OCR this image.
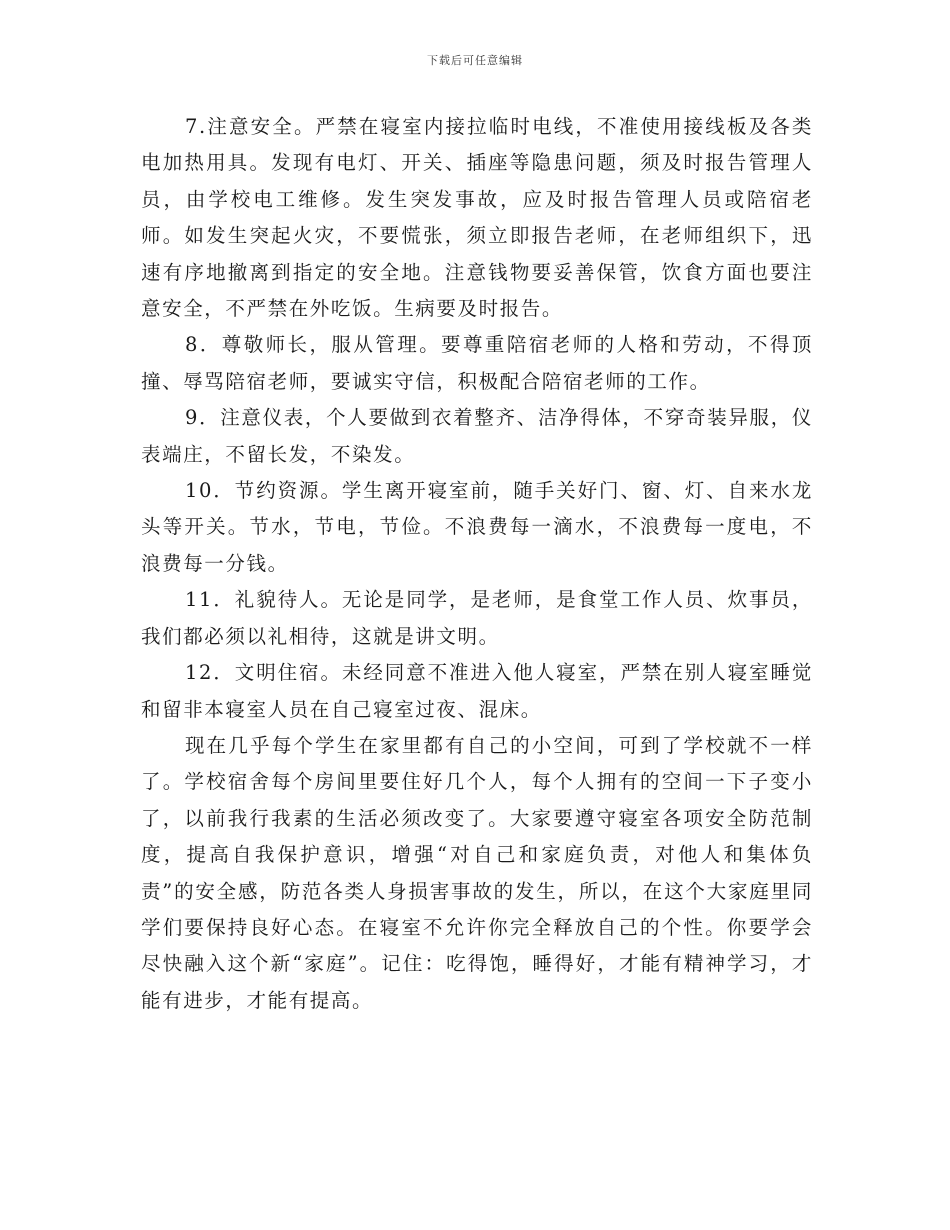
下载后可任意编辑

7.注意安全。严禁在寝室内接拉临时电线，不准使用接线板及各类电加热用具。发现有电灯、开关、插座等隐患问题，须及时报告管理人员，由学校电工维修。发生突发事故，应及时报告管理人员或陪宿老师。如发生突起火灾，不要慌张，须立即报告老师，在老师组织下，迅速有序地撤离到指定的安全地。注意钱物要妥善保管，饮食方面也要注意安全，不严禁在外吃饭。生病要及时报告。

8．尊敬师长，服从管理。要尊重陪宿老师的人格和劳动，不得顶撞、辱骂陪宿老师，要诚实守信，积极配合陪宿老师的工作。

9．注意仪表，个人要做到衣着整齐、洁净得体，不穿奇装异服，仪表端庄，不留长发，不染发。

10．节约资源。学生离开寝室前，随手关好门、窗、灯、自来水龙头等开关。节水，节电，节俭。不浪费每一滴水，不浪费每一度电，不浪费每一分钱。

11．礼貌待人。无论是同学，是老师，是食堂工作人员、炊事员，我们都必须以礼相待，这就是讲文明。

12．文明住宿。未经同意不准进入他人寝室，严禁在别人寝室睡觉和留非本寝室人员在自己寝室过夜、混床。

现在几乎每个学生在家里都有自己的小空间，可到了学校就不一样了。学校宿舍每个房间里要住好几个人，每个人拥有的空间一下子变小了，以前我行我素的生活必须改变了。大家要遵守寝室各项安全防范制度，提高自我保护意识，增强“对自己和家庭负责，对他人和集体负责”的安全感，防范各类人身损害事故的发生，所以，在这个大家庭里同学们要保持良好心态。在寝室不允许你完全释放自己的个性。你要学会尽快融入这个新“家庭”。记住：吃得饱，睡得好，才能有精神学习，才能有进步，才能有提高。
